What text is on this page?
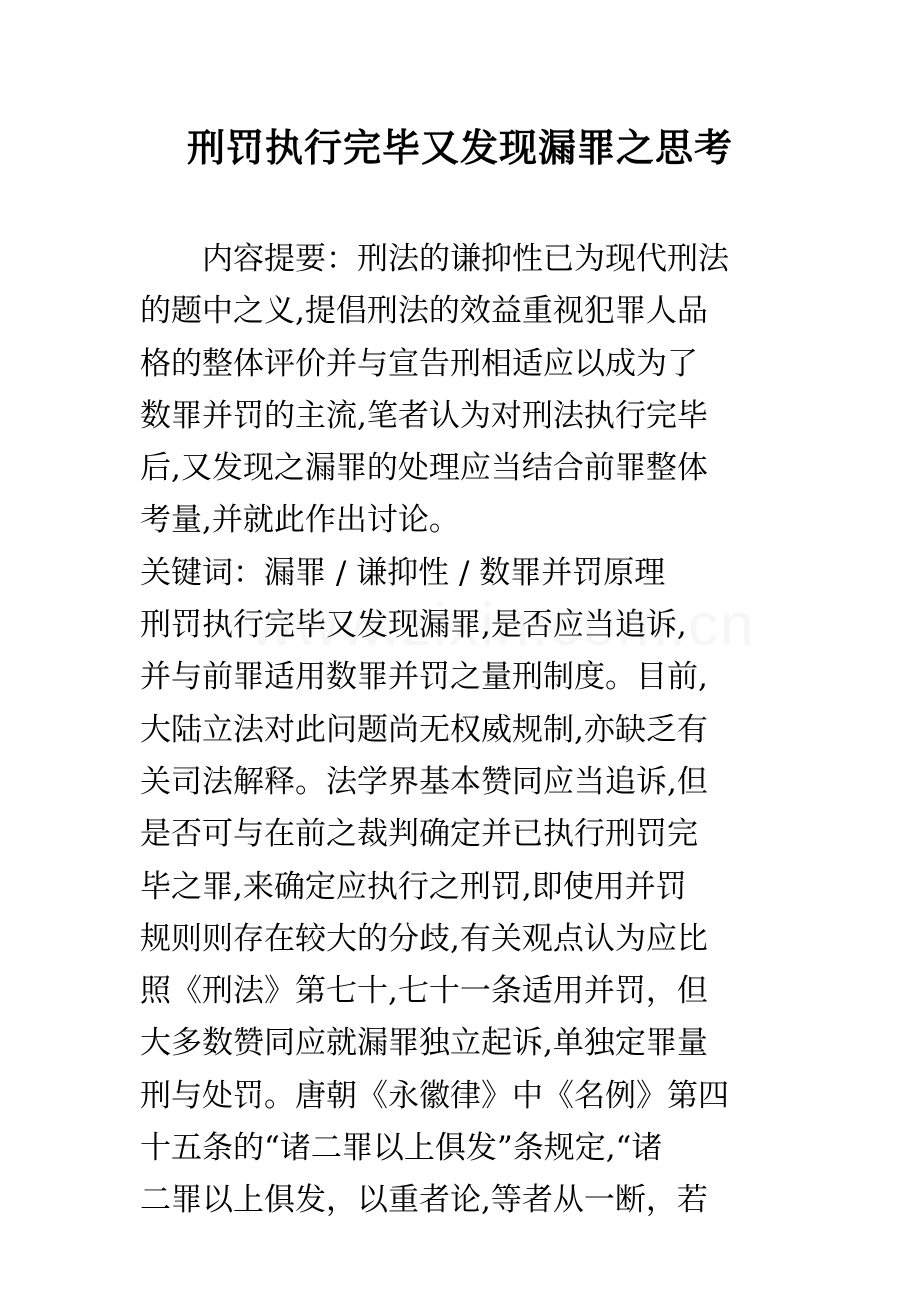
刑罚执行完毕又发现漏罪之思考
　　内容提要：刑法的谦抑性已为现代刑法
的题中之义,提倡刑法的效益重视犯罪人品
格的整体评价并与宣告刑相适应以成为了
数罪并罚的主流,笔者认为对刑法执行完毕
后,又发现之漏罪的处理应当结合前罪整体
考量,并就此作出讨论。
关键词：漏罪 / 谦抑性 / 数罪并罚原理
刑罚执行完毕又发现漏罪,是否应当追诉,
并与前罪适用数罪并罚之量刑制度。目前,
大陆立法对此问题尚无权威规制,亦缺乏有
关司法解释。法学界基本赞同应当追诉,但
是否可与在前之裁判确定并已执行刑罚完
毕之罪,来确定应执行之刑罚,即使用并罚
规则则存在较大的分歧,有关观点认为应比
照《刑法》第七十,七十一条适用并罚，但
大多数赞同应就漏罪独立起诉,单独定罪量
刑与处罚。唐朝《永徽律》中《名例》第四
十五条的“诸二罪以上俱发”条规定,“诸
二罪以上俱发，以重者论,等者从一断，若
